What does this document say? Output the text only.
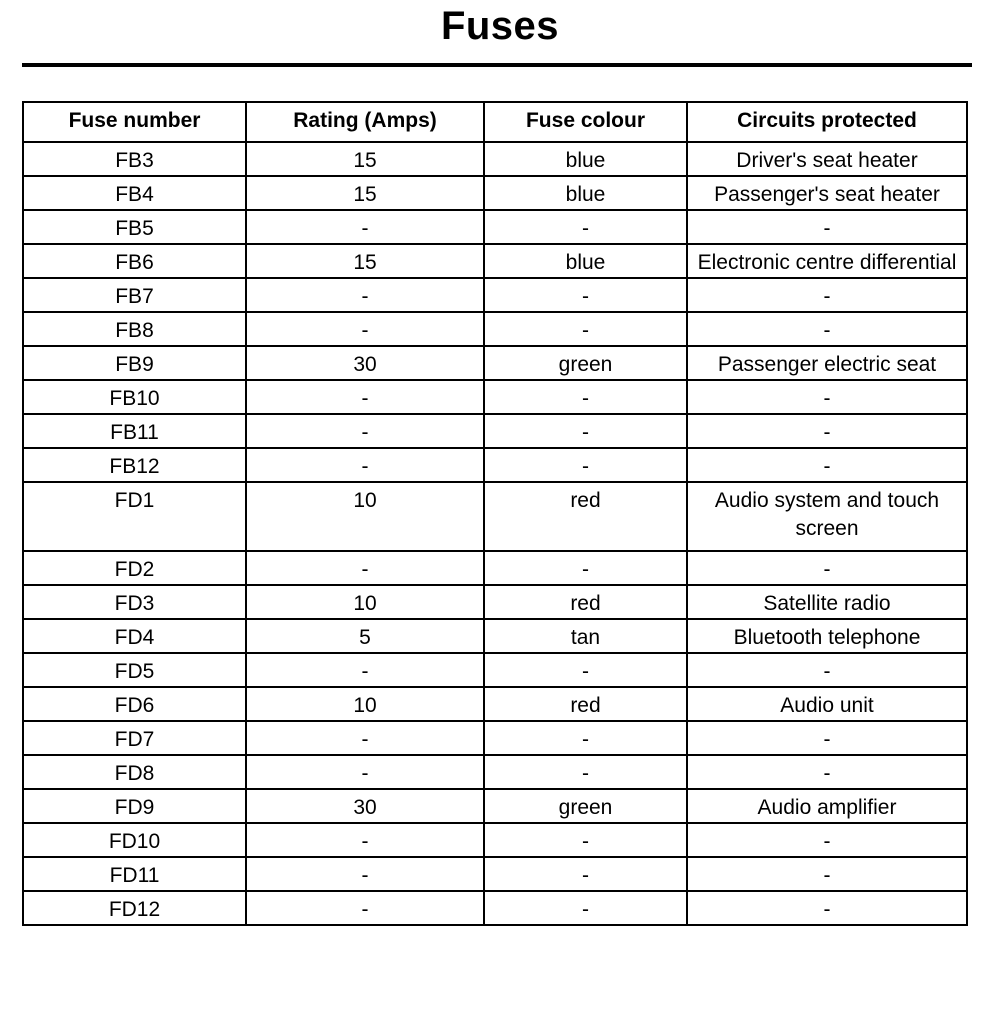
Fuses
Fuse number	Rating (Amps)	Fuse colour	Circuits protected
FB3	15	blue	Driver's seat heater
FB4	15	blue	Passenger's seat heater
FB5	-	-	-
FB6	15	blue	Electronic centre differential
FB7	-	-	-
FB8	-	-	-
FB9	30	green	Passenger electric seat
FB10	-	-	-
FB11	-	-	-
FB12	-	-	-
FD1	10	red	Audio system and touch screen
FD2	-	-	-
FD3	10	red	Satellite radio
FD4	5	tan	Bluetooth telephone
FD5	-	-	-
FD6	10	red	Audio unit
FD7	-	-	-
FD8	-	-	-
FD9	30	green	Audio amplifier
FD10	-	-	-
FD11	-	-	-
FD12	-	-	-
